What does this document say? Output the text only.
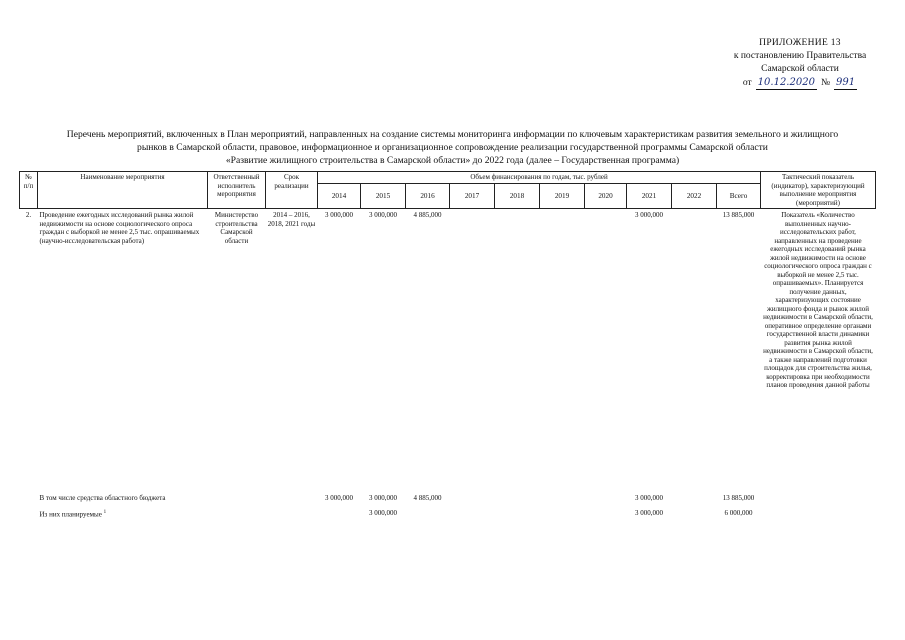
ПРИЛОЖЕНИЕ 13
к постановлению Правительства
Самарской области
от 10.12.2020 № 991
Перечень мероприятий, включенных в План мероприятий, направленных на создание системы мониторинга информации по ключевым характеристикам развития земельного и жилищного
рынков в Самарской области, правовое, информационное и организационное сопровождение реализации государственной программы Самарской области
«Развитие жилищного строительства в Самарской области» до 2022 года (далее – Государственная программа)
№ п/п	Наименование мероприятия	Ответственный исполнитель мероприятия	Срок реализации	Объем финансирования по годам, тыс. рублей										Тактический показатель (индикатор), характеризующий выполнение мероприятия (мероприятий)
				2014	2015	2016	2017	2018	2019	2020	2021	2022	Всего	
2.	Проведение ежегодных исследований рынка жилой недвижимости на основе социологического опроса граждан с выборкой не менее 2,5 тыс. опрашиваемых (научно-исследовательская работа)	Министерство строительства Самарской области	2014 – 2016, 2018, 2021 годы	3 000,000	3 000,000	4 885,000					3 000,000		13 885,000	Показатель «Количество выполненных научно-исследовательских работ, направленных на проведение ежегодных исследований рынка жилой недвижимости на основе социологического опроса граждан с выборкой не менее 2,5 тыс. опрашиваемых». Планируется получение данных, характеризующих состояние жилищного фонда и рынок жилой недвижимости в Самарской области, оперативное определение органами государственной власти динамики развития рынка жилой недвижимости в Самарской области, а также направлений подготовки площадок для строительства жилья, корректировка при необходимости планов проведения данной работы
	В том числе средства областного бюджета			3 000,000	3 000,000	4 885,000					3 000,000		13 885,000	
	Из них планируемые $^1$				3 000,000						3 000,000		6 000,000	
